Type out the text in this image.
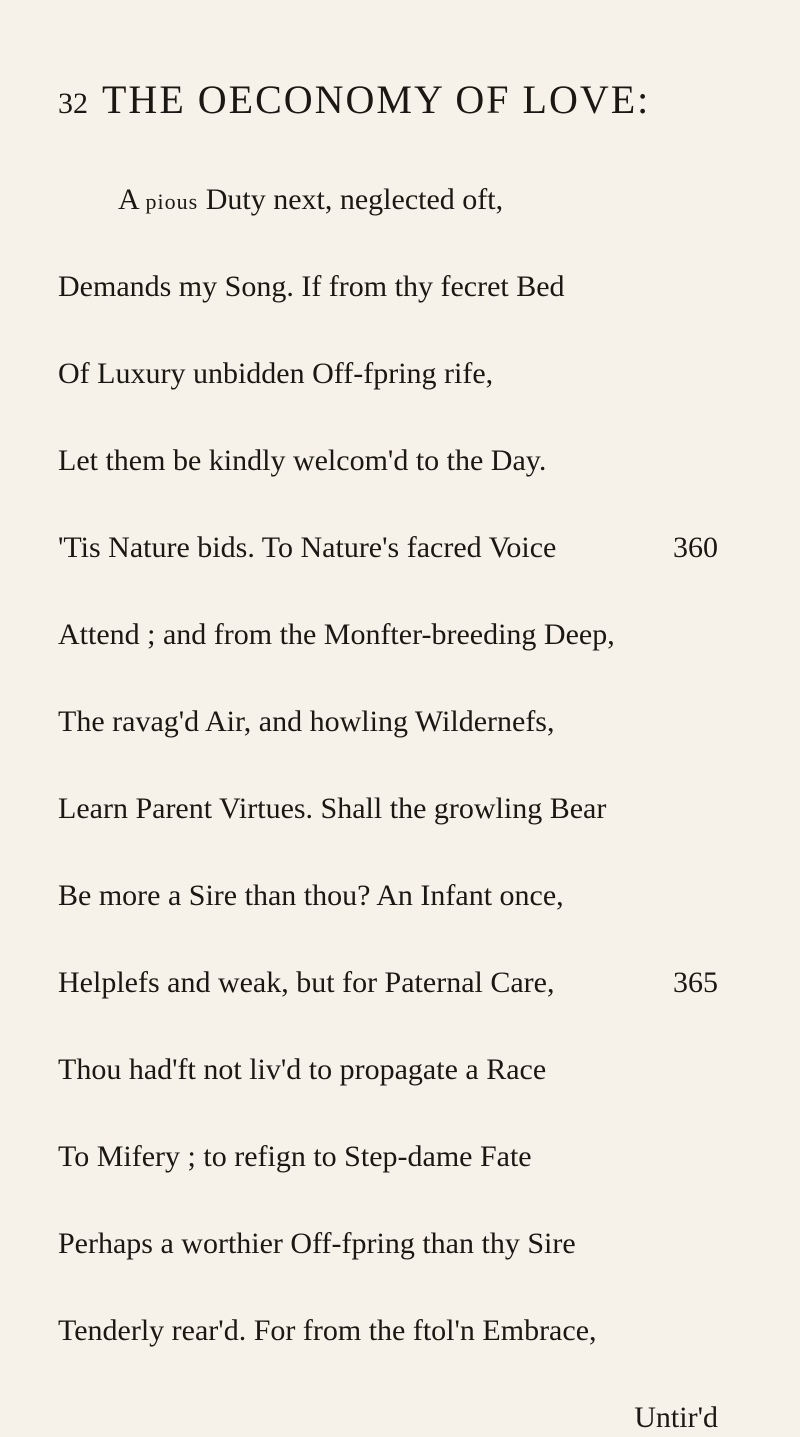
32 THE OECONOMY OF LOVE:
A pious Duty next, neglected oft,
Demands my Song. If from thy fecret Bed
Of Luxury unbidden Off-fpring rife,
Let them be kindly welcom'd to the Day.
'Tis Nature bids. To Nature's facred Voice	360
Attend ; and from the Monfter-breeding Deep,
The ravag'd Air, and howling Wildernefs,
Learn Parent Virtues. Shall the growling Bear
Be more a Sire than thou? An Infant once,
Helplefs and weak, but for Paternal Care,	365
Thou had'ft not liv'd to propagate a Race
To Mifery ; to refign to Step-dame Fate
Perhaps a worthier Off-fpring than thy Sire
Tenderly rear'd. For from the ftol'n Embrace,
Untir'd
